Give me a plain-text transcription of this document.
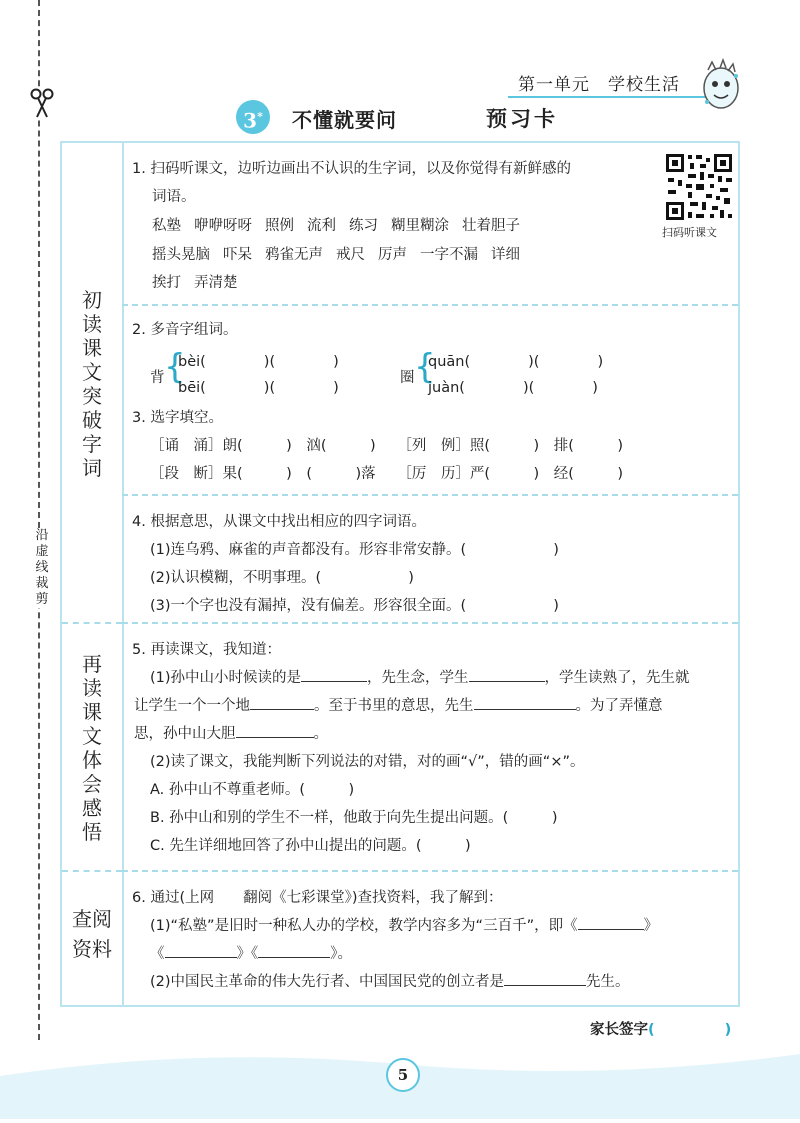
沿虚线裁剪
第一单元　学校生活
3*	不懂就要问	预习卡
初读课文　突破字词
再读课文　体会感悟
查阅资料
扫码听课文
1. 扫码听课文，边听边画出不认识的生字词，以及你觉得有新鲜感的
词语。
私塾 咿咿呀呀 照例 流利 练习 糊里糊涂 壮着胆子
摇头晃脑 吓呆 鸦雀无声 戒尺 厉声 一字不漏 详细
挨打 弄清楚
2. 多音字组词。
背 {
bèi(　　　　)(　　　　)
bēi(　　　　)(　　　　)
圈 {
quān(　　　　)(　　　　)
juàn(　　　　)(　　　　)
3. 选字填空。
［诵　涌］朗(　　　)　汹(　　　)　　［列　例］照(　　　)　排(　　　)
［段　断］果(　　　)　(　　　)落　　［厉　历］严(　　　)　经(　　　)
4. 根据意思，从课文中找出相应的四字词语。
(1)连乌鸦、麻雀的声音都没有。形容非常安静。(　　　　　　)
(2)认识模糊，不明事理。(　　　　　　)
(3)一个字也没有漏掉，没有偏差。形容很全面。(　　　　　　)
5. 再读课文，我知道：
(1)孙中山小时候读的是	，先生念，学生	，学生读熟了，先生就
让学生一个一个地	。至于书里的意思，先生	。为了弄懂意
思，孙中山大胆	。
(2)读了课文，我能判断下列说法的对错，对的画“√”，错的画“×”。
A. 孙中山不尊重老师。(　　　)
B. 孙中山和别的学生不一样，他敢于向先生提出问题。(　　　)
C. 先生详细地回答了孙中山提出的问题。(　　　)
6. 通过(上网　　翻阅《七彩课堂》)查找资料，我了解到：
(1)“私塾”是旧时一种私人办的学校，教学内容多为“三百千”，即《	》
《	》《	》。
(2)中国民主革命的伟大先行者、中国国民党的创立者是	先生。
家长签字(	)
5
